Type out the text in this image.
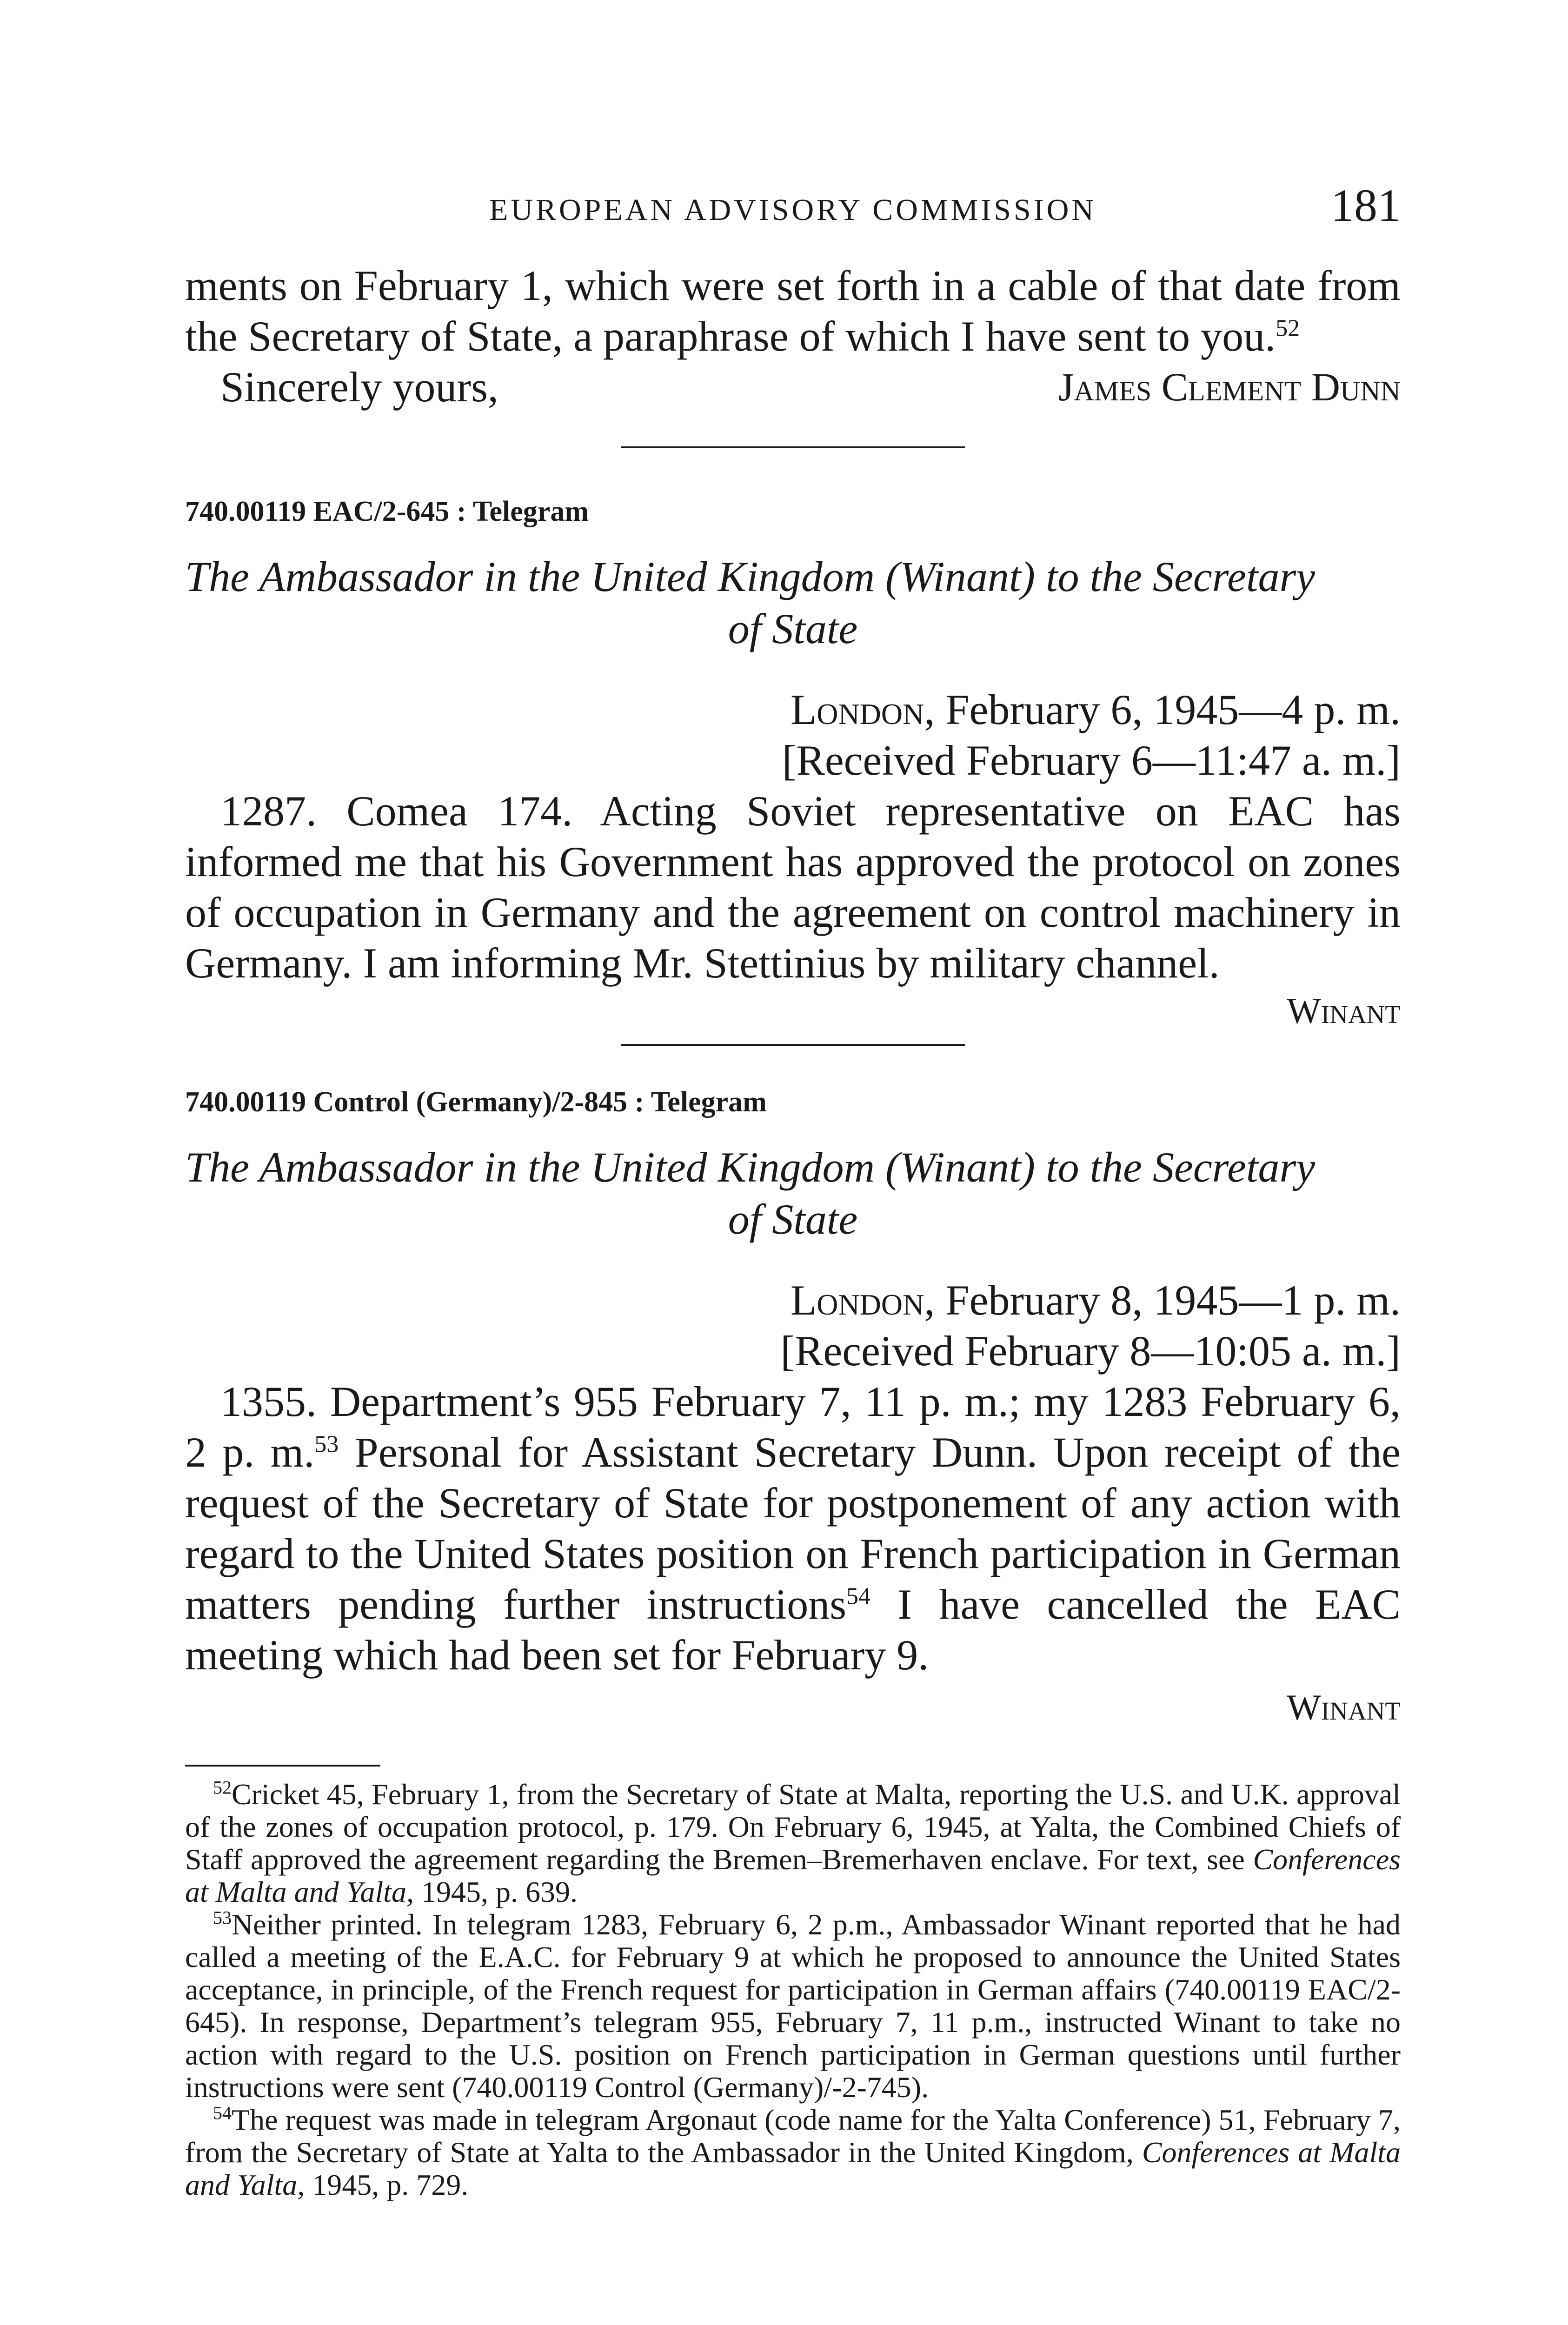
EUROPEAN ADVISORY COMMISSION	181

ments on February 1, which were set forth in a cable of that date from the Secretary of State, a paraphrase of which I have sent to you.$^{52}$

Sincerely yours,	James Clement Dunn
740.00119 EAC/2-645 : Telegram

The Ambassador in the United Kingdom (Winant) to the Secretary

of State

London, February 6, 1945—4 p. m.

[Received February 6—11:47 a. m.]

1287. Comea 174. Acting Soviet representative on EAC has informed me that his Government has approved the protocol on zones of occupation in Germany and the agreement on control machinery in Germany. I am informing Mr. Stettinius by military channel.

Winant

740.00119 Control (Germany)/2-845 : Telegram

The Ambassador in the United Kingdom (Winant) to the Secretary

of State

London, February 8, 1945—1 p. m.

[Received February 8—10:05 a. m.]

1355. Department’s 955 February 7, 11 p. m.; my 1283 February 6, 2 p. m.$^{53}$ Personal for Assistant Secretary Dunn. Upon receipt of the request of the Secretary of State for postponement of any action with regard to the United States position on French participation in German matters pending further instructions$^{54}$ I have cancelled the EAC meeting which had been set for February 9.

Winant

$^{52}$Cricket 45, February 1, from the Secretary of State at Malta, reporting the U.S. and U.K. approval of the zones of occupation protocol, p. 179. On February 6, 1945, at Yalta, the Combined Chiefs of Staff approved the agreement regarding the Bremen–Bremerhaven enclave. For text, see Conferences at Malta and Yalta, 1945, p. 639.

$^{53}$Neither printed. In telegram 1283, February 6, 2 p.m., Ambassador Winant reported that he had called a meeting of the E.A.C. for February 9 at which he proposed to announce the United States acceptance, in principle, of the French request for participation in German affairs (740.00119 EAC/2-645). In response, Department’s telegram 955, February 7, 11 p.m., instructed Winant to take no action with regard to the U.S. position on French participation in German questions until further instructions were sent (740.00119 Control (Germany)/-2-745).

$^{54}$The request was made in telegram Argonaut (code name for the Yalta Conference) 51, February 7, from the Secretary of State at Yalta to the Ambassador in the United Kingdom, Conferences at Malta and Yalta, 1945, p. 729.
